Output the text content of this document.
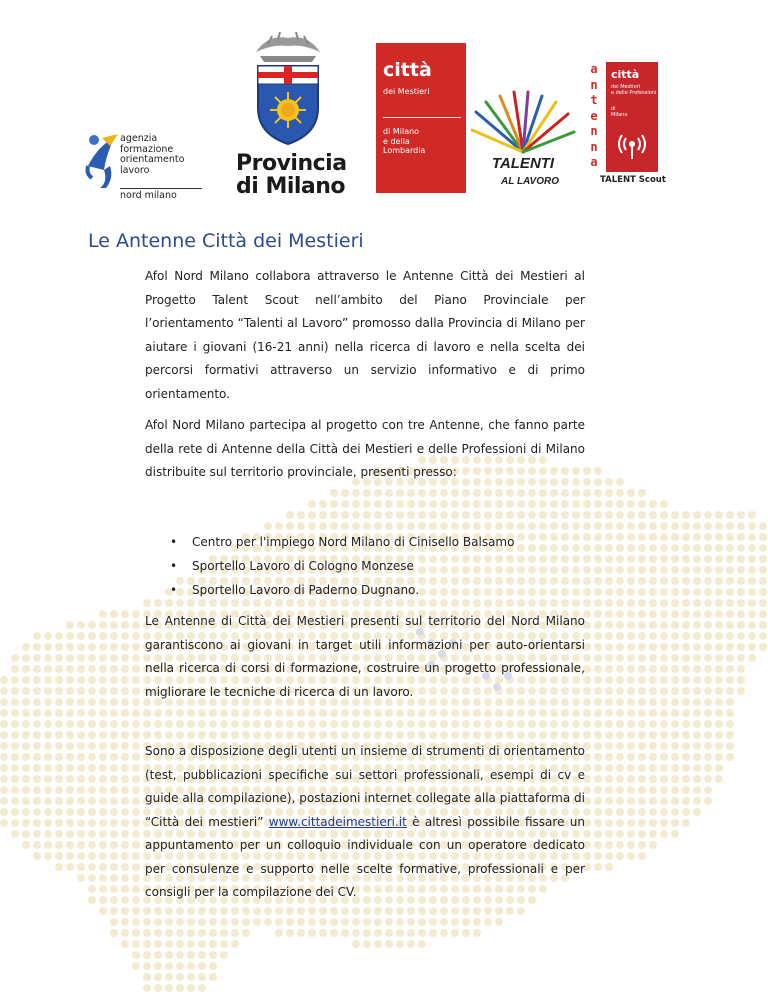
agenzia
formazione
orientamento
lavoro
nord milano
Provincia
di Milano
città
dei Mestieri
di Milano
e della
Lombardia
TALENTI
AL LAVORO
a
n
t
e
n
n
a
città
dei Mestieri
e delle Professioni
di
Milano
TALENT Scout
Le Antenne Città dei Mestieri

Afol Nord Milano collabora attraverso le Antenne Città dei Mestieri al Progetto Talent Scout nell’ambito del Piano Provinciale per l’orientamento “Talenti al Lavoro” promosso dalla Provincia di Milano per aiutare i giovani (16-21 anni) nella ricerca di lavoro e nella scelta dei percorsi formativi attraverso un servizio informativo e di primo orientamento.

Afol Nord Milano partecipa al progetto con tre Antenne, che fanno parte della rete di Antenne della Città dei Mestieri e delle Professioni di Milano distribuite sul territorio provinciale, presenti presso:

• Centro per l'impiego Nord Milano di Cinisello Balsamo
• Sportello Lavoro di Cologno Monzese
• Sportello Lavoro di Paderno Dugnano.

Le Antenne di Città dei Mestieri presenti sul territorio del Nord Milano garantiscono ai giovani in target utili informazioni per auto-orientarsi nella ricerca di corsi di formazione, costruire un progetto professionale, migliorare le tecniche di ricerca di un lavoro.

Sono a disposizione degli utenti un insieme di strumenti di orientamento (test, pubblicazioni specifiche sui settori professionali, esempi di cv e guide alla compilazione), postazioni internet collegate alla piattaforma di “Città dei mestieri” www.cittadeimestieri.it è altresì possibile fissare un appuntamento per un colloquio individuale con un operatore dedicato per consulenze e supporto nelle scelte formative, professionali e per consigli per la compilazione dei CV.
